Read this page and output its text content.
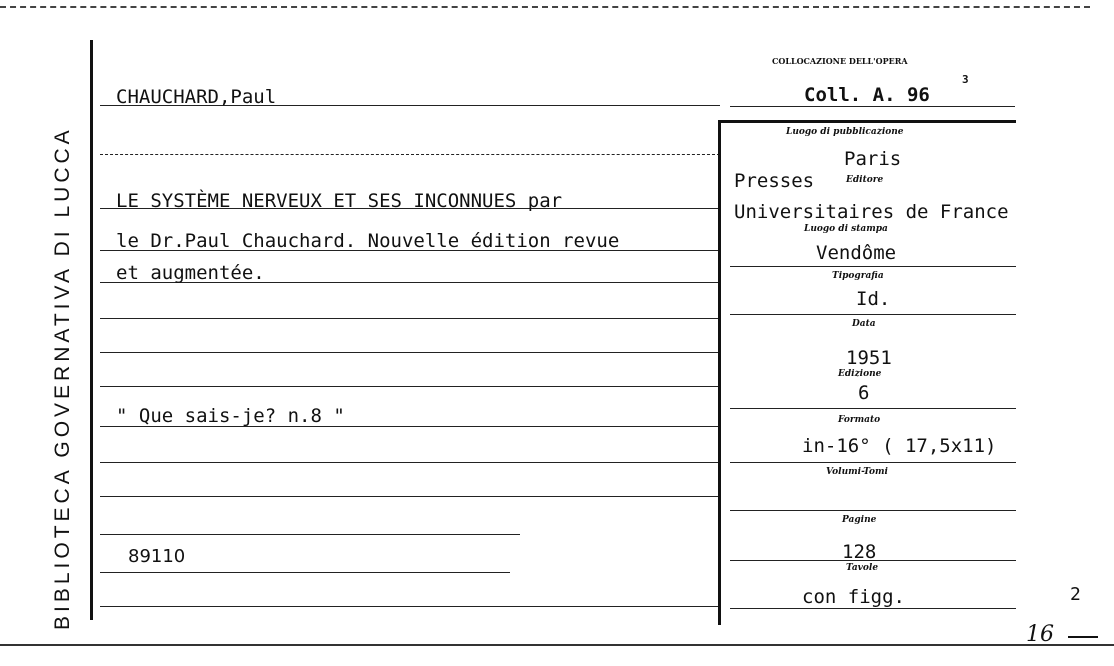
BIBLIOTECA GOVERNATIVA DI LUCCA
CHAUCHARD,Paul
LE SYSTÈME NERVEUX ET SES INCONNUES par
le Dr.Paul Chauchard. Nouvelle édition revue
et augmentée.
" Que sais-je? n.8 "
89110
COLLOCAZIONE DELL'OPERA
Coll. A. 96
3
Luogo di pubblicazione
Paris
Presses	Editore
Universitaires de France
Luogo di stampa
Vendôme
Tipografia
Id.
Data
1951
Edizione
6
Formato
in-16° ( 17,5x11)
Volumi-Tomi
Pagine
128
Tavole
con figg.	2
16
